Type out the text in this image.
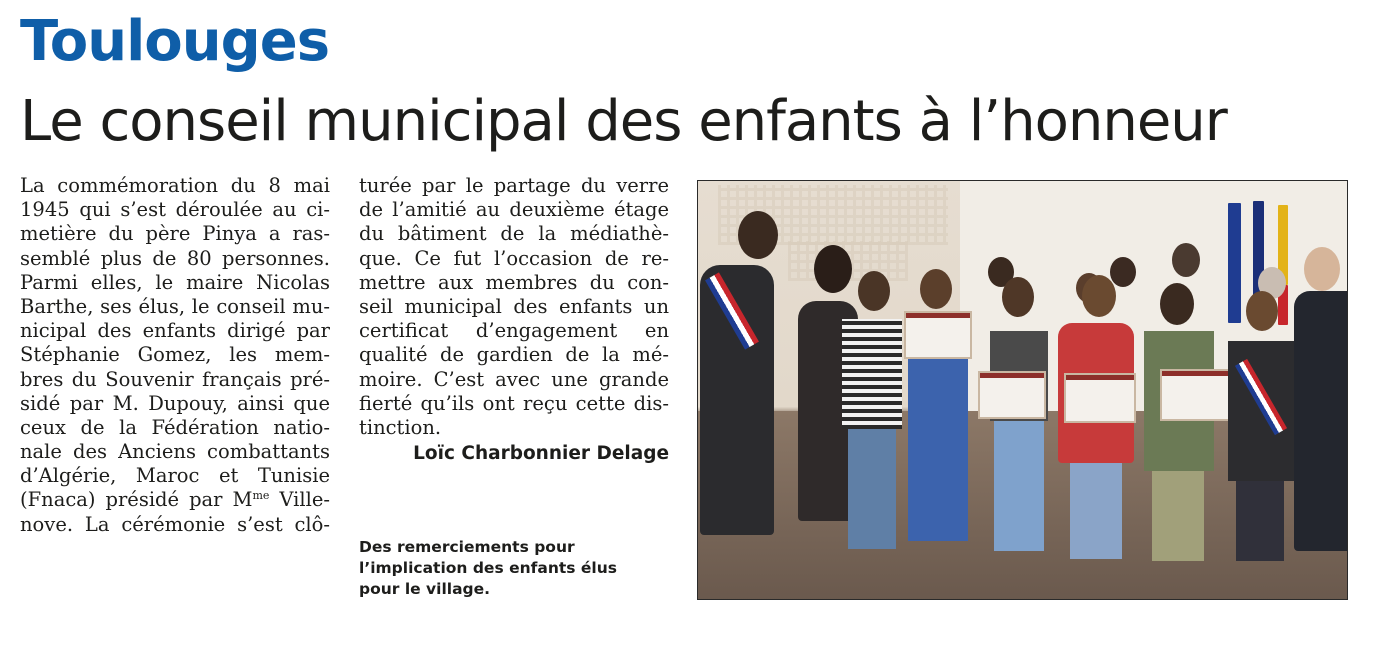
Toulouges
Le conseil municipal des enfants à l’honneur
La commémoration du 8 mai
1945 qui s’est déroulée au ci-
metière du père Pinya a ras-
semblé plus de 80 personnes.
Parmi elles, le maire Nicolas
Barthe, ses élus, le conseil mu-
nicipal des enfants dirigé par
Stéphanie Gomez, les mem-
bres du Souvenir français pré-
sidé par M. Dupouy, ainsi que
ceux de la Fédération natio-
nale des Anciens combattants
d’Algérie, Maroc et Tunisie
(Fnaca) présidé par $M^{me}$ Ville-
nove. La cérémonie s’est clô-
turée par le partage du verre
de l’amitié au deuxième étage
du bâtiment de la médiathè-
que. Ce fut l’occasion de re-
mettre aux membres du con-
seil municipal des enfants un
certificat d’engagement en
qualité de gardien de la mé-
moire. C’est avec une grande
fierté qu’ils ont reçu cette dis-
tinction.
Loïc Charbonnier Delage
Des remerciements pour
l’implication des enfants élus
pour le village.
